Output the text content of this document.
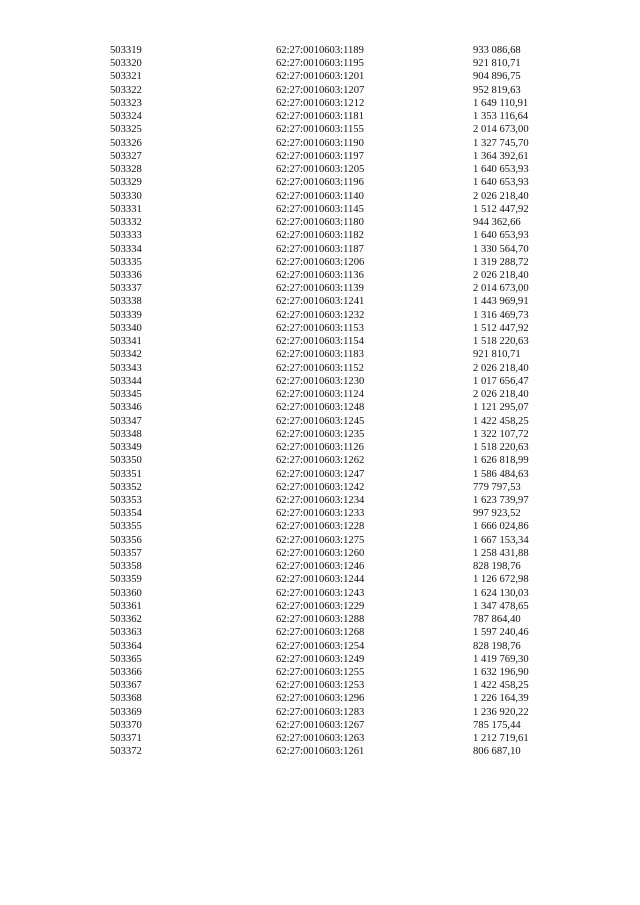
503319	62:27:0010603:1189	933 086,68
503320	62:27:0010603:1195	921 810,71
503321	62:27:0010603:1201	904 896,75
503322	62:27:0010603:1207	952 819,63
503323	62:27:0010603:1212	1 649 110,91
503324	62:27:0010603:1181	1 353 116,64
503325	62:27:0010603:1155	2 014 673,00
503326	62:27:0010603:1190	1 327 745,70
503327	62:27:0010603:1197	1 364 392,61
503328	62:27:0010603:1205	1 640 653,93
503329	62:27:0010603:1196	1 640 653,93
503330	62:27:0010603:1140	2 026 218,40
503331	62:27:0010603:1145	1 512 447,92
503332	62:27:0010603:1180	944 362,66
503333	62:27:0010603:1182	1 640 653,93
503334	62:27:0010603:1187	1 330 564,70
503335	62:27:0010603:1206	1 319 288,72
503336	62:27:0010603:1136	2 026 218,40
503337	62:27:0010603:1139	2 014 673,00
503338	62:27:0010603:1241	1 443 969,91
503339	62:27:0010603:1232	1 316 469,73
503340	62:27:0010603:1153	1 512 447,92
503341	62:27:0010603:1154	1 518 220,63
503342	62:27:0010603:1183	921 810,71
503343	62:27:0010603:1152	2 026 218,40
503344	62:27:0010603:1230	1 017 656,47
503345	62:27:0010603:1124	2 026 218,40
503346	62:27:0010603:1248	1 121 295,07
503347	62:27:0010603:1245	1 422 458,25
503348	62:27:0010603:1235	1 322 107,72
503349	62:27:0010603:1126	1 518 220,63
503350	62:27:0010603:1262	1 626 818,99
503351	62:27:0010603:1247	1 586 484,63
503352	62:27:0010603:1242	779 797,53
503353	62:27:0010603:1234	1 623 739,97
503354	62:27:0010603:1233	997 923,52
503355	62:27:0010603:1228	1 666 024,86
503356	62:27:0010603:1275	1 667 153,34
503357	62:27:0010603:1260	1 258 431,88
503358	62:27:0010603:1246	828 198,76
503359	62:27:0010603:1244	1 126 672,98
503360	62:27:0010603:1243	1 624 130,03
503361	62:27:0010603:1229	1 347 478,65
503362	62:27:0010603:1288	787 864,40
503363	62:27:0010603:1268	1 597 240,46
503364	62:27:0010603:1254	828 198,76
503365	62:27:0010603:1249	1 419 769,30
503366	62:27:0010603:1255	1 632 196,90
503367	62:27:0010603:1253	1 422 458,25
503368	62:27:0010603:1296	1 226 164,39
503369	62:27:0010603:1283	1 236 920,22
503370	62:27:0010603:1267	785 175,44
503371	62:27:0010603:1263	1 212 719,61
503372	62:27:0010603:1261	806 687,10
